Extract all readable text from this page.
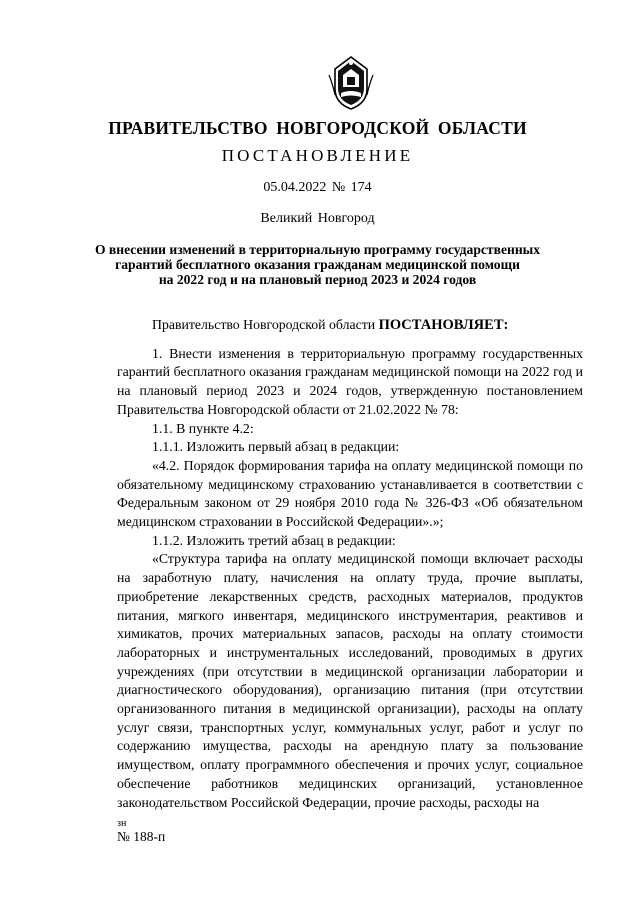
ПРАВИТЕЛЬСТВО НОВГОРОДСКОЙ ОБЛАСТИ
ПОСТАНОВЛЕНИЕ
05.04.2022 № 174
Великий Новгород
О внесении изменений в территориальную программу государственных
гарантий бесплатного оказания гражданам медицинской помощи
на 2022 год и на плановый период 2023 и 2024 годов

Правительство Новгородской области ПОСТАНОВЛЯЕТ:

1. Внести изменения в территориальную программу государственных гарантий бесплатного оказания гражданам медицинской помощи на 2022 год и на плановый период 2023 и 2024 годов, утвержденную постановлением Правительства Новгородской области от 21.02.2022 № 78:

1.1. В пункте 4.2:

1.1.1. Изложить первый абзац в редакции:

«4.2. Порядок формирования тарифа на оплату медицинской помощи по обязательному медицинскому страхованию устанавливается в соответствии с Федеральным законом от 29 ноября 2010 года № 326-ФЗ «Об обязательном медицинском страховании в Российской Федерации».»;

1.1.2. Изложить третий абзац в редакции:

«Структура тарифа на оплату медицинской помощи включает расходы на заработную плату, начисления на оплату труда, прочие выплаты, приобретение лекарственных средств, расходных материалов, продуктов питания, мягкого инвентаря, медицинского инструментария, реактивов и химикатов, прочих материальных запасов, расходы на оплату стоимости лабораторных и инструментальных исследований, проводимых в других учреждениях (при отсутствии в медицинской организации лаборатории и диагностического оборудования), организацию питания (при отсутствии организованного питания в медицинской организации), расходы на оплату услуг связи, транспортных услуг, коммунальных услуг, работ и услуг по содержанию имущества, расходы на арендную плату за пользование имуществом, оплату программного обеспечения и прочих услуг, социальное обеспечение работников медицинских организаций, установленное законодательством Российской Федерации, прочие расходы, расходы на

зн
№ 188-п
